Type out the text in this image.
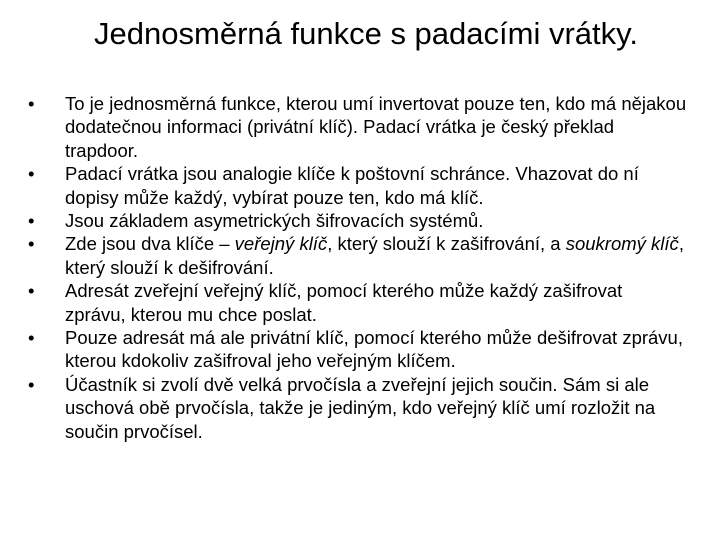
Jednosměrná funkce s padacími vrátky.
• To je jednosměrná funkce, kterou umí invertovat pouze ten, kdo má nějakou dodatečnou informaci (privátní klíč). Padací vrátka je český překlad trapdoor.
• Padací vrátka jsou analogie klíče k poštovní schránce. Vhazovat do ní dopisy může každý, vybírat pouze ten, kdo má klíč.
• Jsou základem asymetrických šifrovacích systémů.
• Zde jsou dva klíče – veřejný klíč, který slouží k zašifrování, a soukromý klíč, který slouží k dešifrování.
• Adresát zveřejní veřejný klíč, pomocí kterého může každý zašifrovat zprávu, kterou mu chce poslat.
• Pouze adresát má ale privátní klíč, pomocí kterého může dešifrovat zprávu, kterou kdokoliv zašifroval jeho veřejným klíčem.
• Účastník si zvolí dvě velká prvočísla a zveřejní jejich součin. Sám si ale uschová obě prvočísla, takže je jediným, kdo veřejný klíč umí rozložit na součin prvočísel.
